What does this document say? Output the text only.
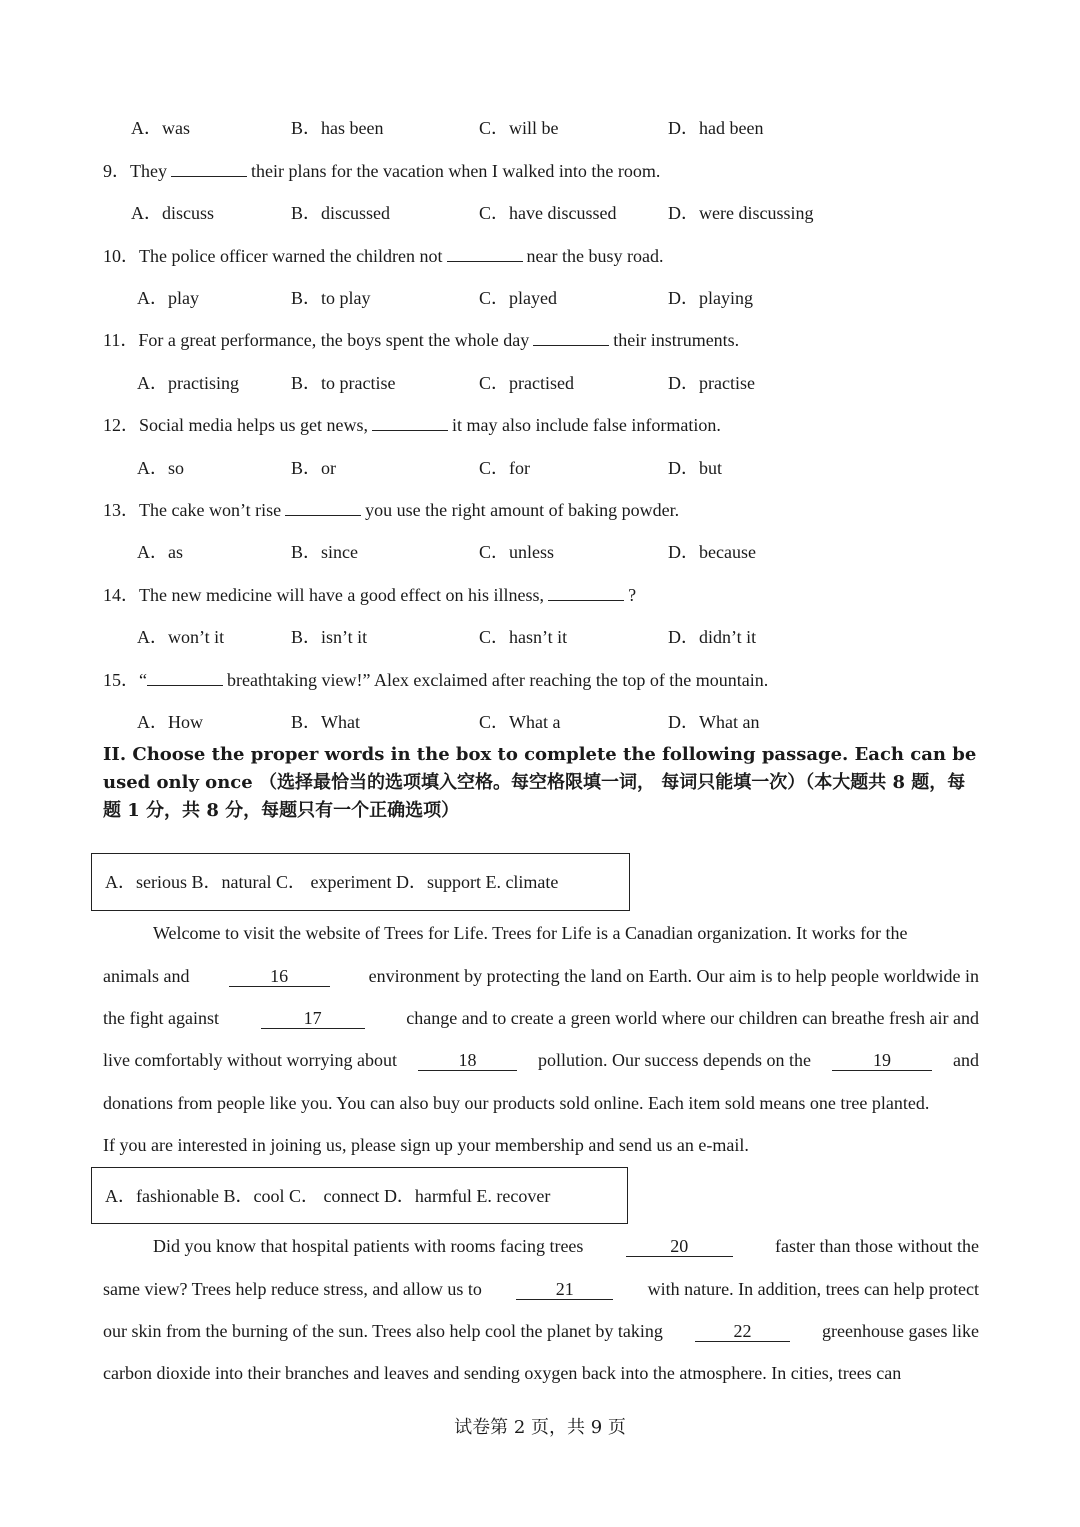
A．was	B．has been	C．will be	D．had been
9．They	their plans for the vacation when I walked into the room.
A．discuss	B．discussed	C．have discussed	D．were discussing
10．The police officer warned the children not	near the busy road.
A．play	B．to play	C．played	D．playing
11．For a great performance, the boys spent the whole day	their instruments.
A．practising	B．to practise	C．practised	D．practise
12．Social media helps us get news,	it may also include false information.
A．so	B．or	C．for	D．but
13．The cake won’t rise	you use the right amount of baking powder.
A．as	B．since	C．unless	D．because
14．The new medicine will have a good effect on his illness,	?
A．won’t it	B．isn’t it	C．hasn’t it	D．didn’t it
15．“	breathtaking view!” Alex exclaimed after reaching the top of the mountain.
A．How	B．What	C．What a	D．What an
II. Choose the proper words in the box to complete the following passage. Each can be used only once （选择最恰当的选项填入空格。每空格限填一词， 每词只能填一次）（本大题共 8 题，每题 1 分，共 8 分，每题只有一个正确选项）
A．serious B．natural C． experiment D．support E. climate
Welcome to visit the website of Trees for Life. Trees for Life is a Canadian organization. It works for the
animals and	16	environment by protecting the land on Earth. Our aim is to help people worldwide in
the fight against	17	change and to create a green world where our children can breathe fresh air and
live comfortably without worrying about	18	pollution. Our success depends on the	19	and
donations from people like you. You can also buy our products sold online. Each item sold means one tree planted.
If you are interested in joining us, please sign up your membership and send us an e-mail.
A．fashionable B．cool C． connect D．harmful E. recover
Did you know that hospital patients with rooms facing trees	20	faster than those without the
same view? Trees help reduce stress, and allow us to	21	with nature. In addition, trees can help protect
our skin from the burning of the sun. Trees also help cool the planet by taking	22	greenhouse gases like
carbon dioxide into their branches and leaves and sending oxygen back into the atmosphere. In cities, trees can
试卷第 2 页，共 9 页
